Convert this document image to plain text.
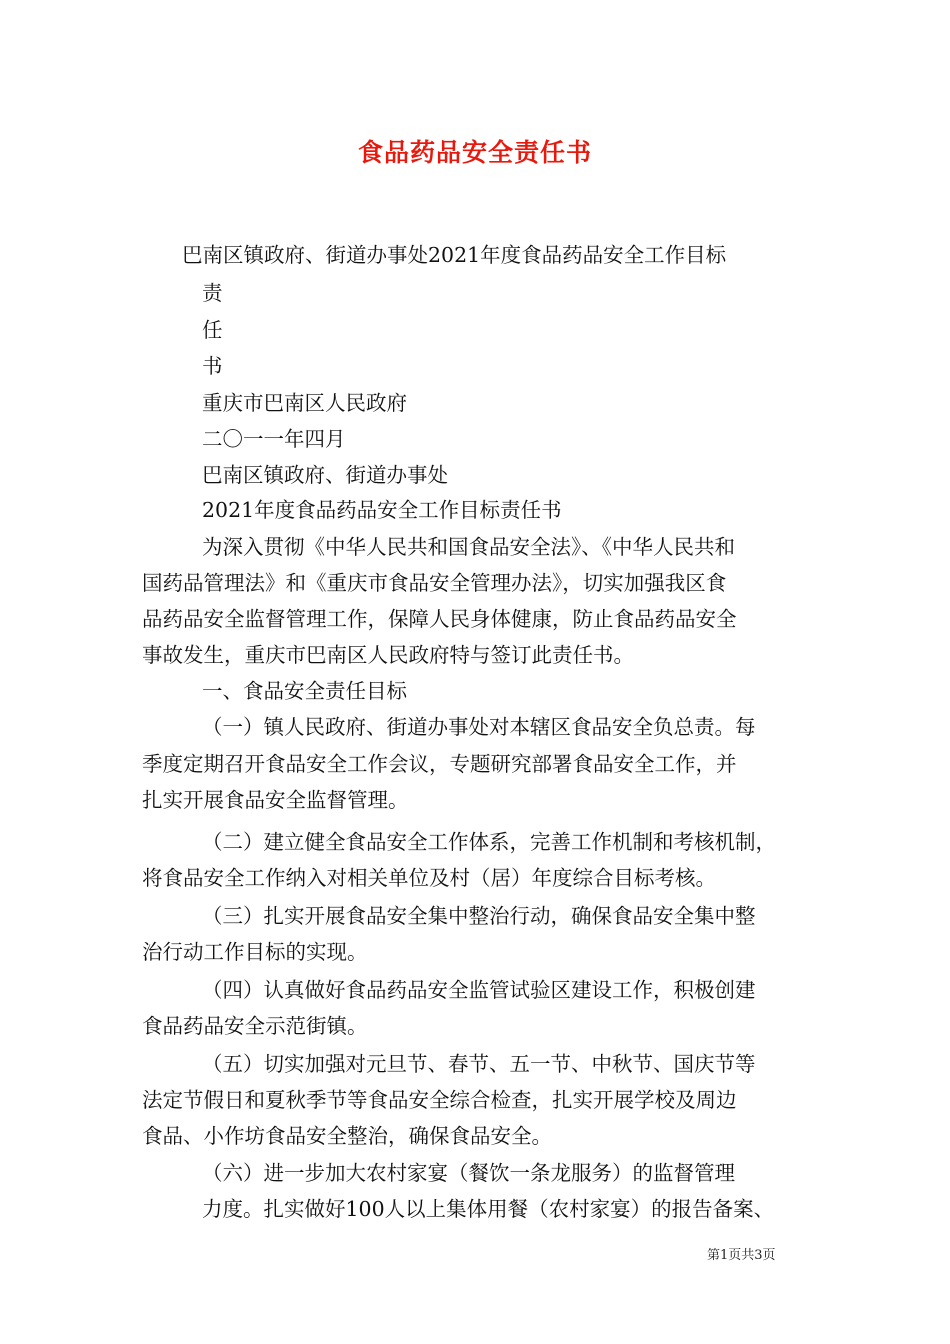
食品药品安全责任书
巴南区镇政府、街道办事处2021年度食品药品安全工作目标
责
任
书
重庆市巴南区人民政府
二〇一一年四月
巴南区镇政府、街道办事处
2021年度食品药品安全工作目标责任书
为深入贯彻《中华人民共和国食品安全法》、《中华人民共和
国药品管理法》和《重庆市食品安全管理办法》，切实加强我区食
品药品安全监督管理工作，保障人民身体健康，防止食品药品安全
事故发生，重庆市巴南区人民政府特与签订此责任书。
一、食品安全责任目标
（一）镇人民政府、街道办事处对本辖区食品安全负总责。每
季度定期召开食品安全工作会议，专题研究部署食品安全工作，并
扎实开展食品安全监督管理。
（二）建立健全食品安全工作体系，完善工作机制和考核机制，
将食品安全工作纳入对相关单位及村（居）年度综合目标考核。
（三）扎实开展食品安全集中整治行动，确保食品安全集中整
治行动工作目标的实现。
（四）认真做好食品药品安全监管试验区建设工作，积极创建
食品药品安全示范街镇。
（五）切实加强对元旦节、春节、五一节、中秋节、国庆节等
法定节假日和夏秋季节等食品安全综合检查，扎实开展学校及周边
食品、小作坊食品安全整治，确保食品安全。
（六）进一步加大农村家宴（餐饮一条龙服务）的监督管理
力度。扎实做好100人以上集体用餐（农村家宴）的报告备案、
第1页共3页
